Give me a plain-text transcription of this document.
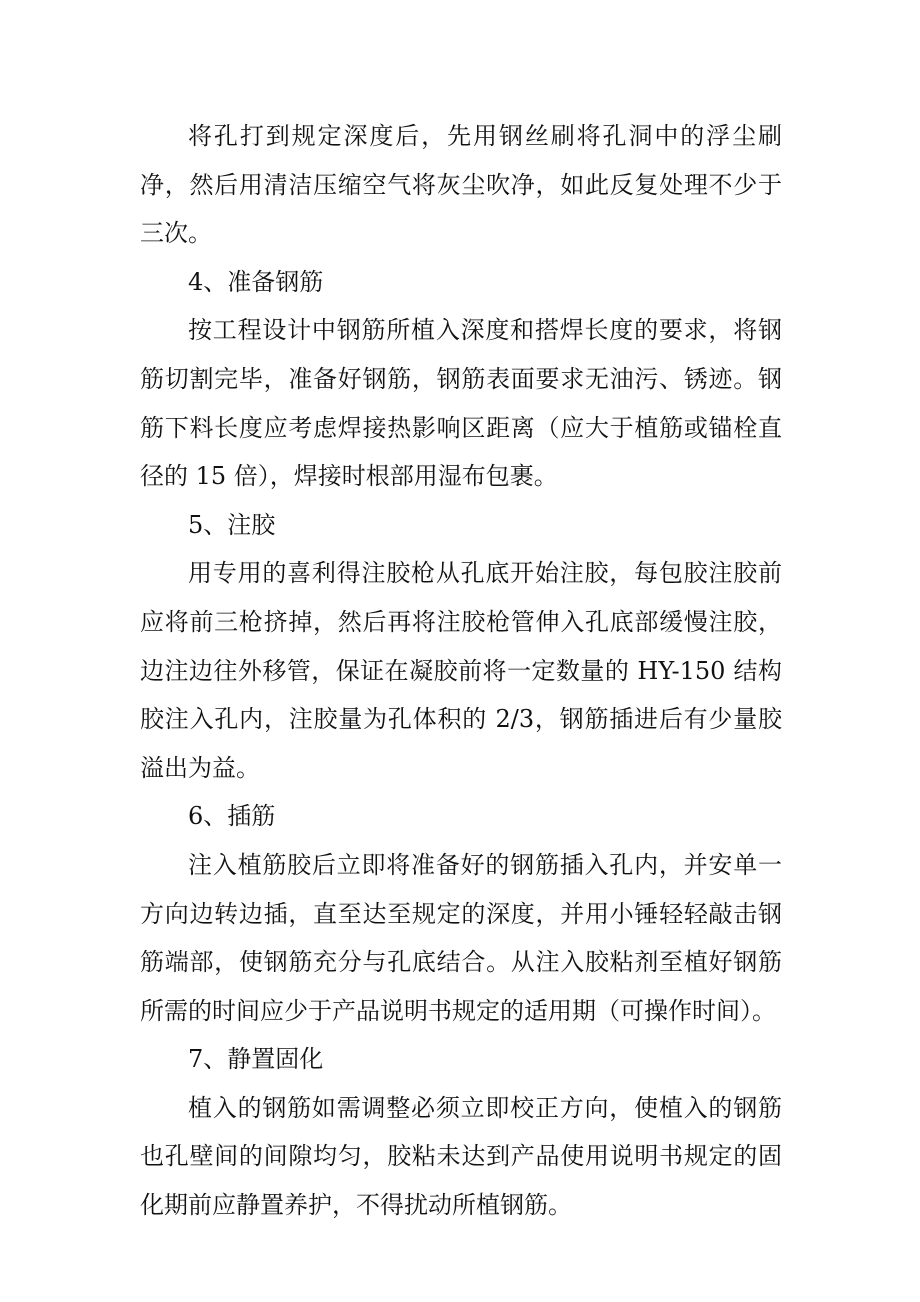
将孔打到规定深度后，先用钢丝刷将孔洞中的浮尘刷净，然后用清洁压缩空气将灰尘吹净，如此反复处理不少于三次。

4、准备钢筋

按工程设计中钢筋所植入深度和搭焊长度的要求，将钢筋切割完毕，准备好钢筋，钢筋表面要求无油污、锈迹。钢筋下料长度应考虑焊接热影响区距离（应大于植筋或锚栓直径的 15 倍），焊接时根部用湿布包裹。

5、注胶

用专用的喜利得注胶枪从孔底开始注胶，每包胶注胶前应将前三枪挤掉，然后再将注胶枪管伸入孔底部缓慢注胶，边注边往外移管，保证在凝胶前将一定数量的 HY-150 结构胶注入孔内，注胶量为孔体积的 2/3，钢筋插进后有少量胶溢出为益。

6、插筋

注入植筋胶后立即将准备好的钢筋插入孔内，并安单一方向边转边插，直至达至规定的深度，并用小锤轻轻敲击钢筋端部，使钢筋充分与孔底结合。从注入胶粘剂至植好钢筋所需的时间应少于产品说明书规定的适用期（可操作时间）。

7、静置固化

植入的钢筋如需调整必须立即校正方向，使植入的钢筋也孔壁间的间隙均匀，胶粘未达到产品使用说明书规定的固化期前应静置养护，不得扰动所植钢筋。
